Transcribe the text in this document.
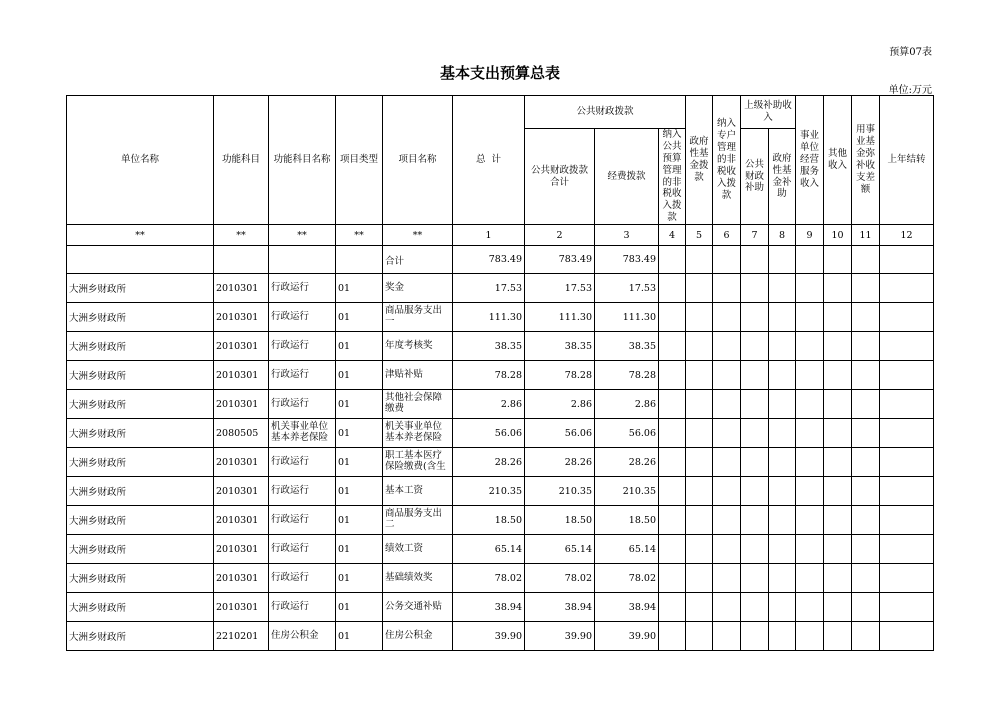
预算07表
基本支出预算总表
单位:万元
单位名称	功能科目	功能科目名称	项目类型	项目名称	总  计	公共财政拨款			政府性基金拨款	纳入专户管理的非税收入拨款	上级补助收入		事业单位经营服务收入	其他收入	用事业基金弥补收支差额	上年结转
						公共财政拨款合计	经费拨款	纳入公共预算管理的非税收入拨款								
											公共财政补助	政府性基金补助				
**	**	**	**	**	1	2	3	4	5	6	7	8	9	10	11	12
				合计	783.49	783.49	783.49									
大洲乡财政所	2010301	行政运行	01	奖金	17.53	17.53	17.53									
大洲乡财政所	2010301	行政运行	01	商品服务支出一	111.30	111.30	111.30									
大洲乡财政所	2010301	行政运行	01	年度考核奖	38.35	38.35	38.35									
大洲乡财政所	2010301	行政运行	01	津贴补贴	78.28	78.28	78.28									
大洲乡财政所	2010301	行政运行	01	其他社会保障缴费	2.86	2.86	2.86									
大洲乡财政所	2080505	机关事业单位基本养老保险	01	机关事业单位基本养老保险	56.06	56.06	56.06									
大洲乡财政所	2010301	行政运行	01	职工基本医疗保险缴费(含生	28.26	28.26	28.26									
大洲乡财政所	2010301	行政运行	01	基本工资	210.35	210.35	210.35									
大洲乡财政所	2010301	行政运行	01	商品服务支出二	18.50	18.50	18.50									
大洲乡财政所	2010301	行政运行	01	绩效工资	65.14	65.14	65.14									
大洲乡财政所	2010301	行政运行	01	基础绩效奖	78.02	78.02	78.02									
大洲乡财政所	2010301	行政运行	01	公务交通补贴	38.94	38.94	38.94									
大洲乡财政所	2210201	住房公积金	01	住房公积金	39.90	39.90	39.90									
